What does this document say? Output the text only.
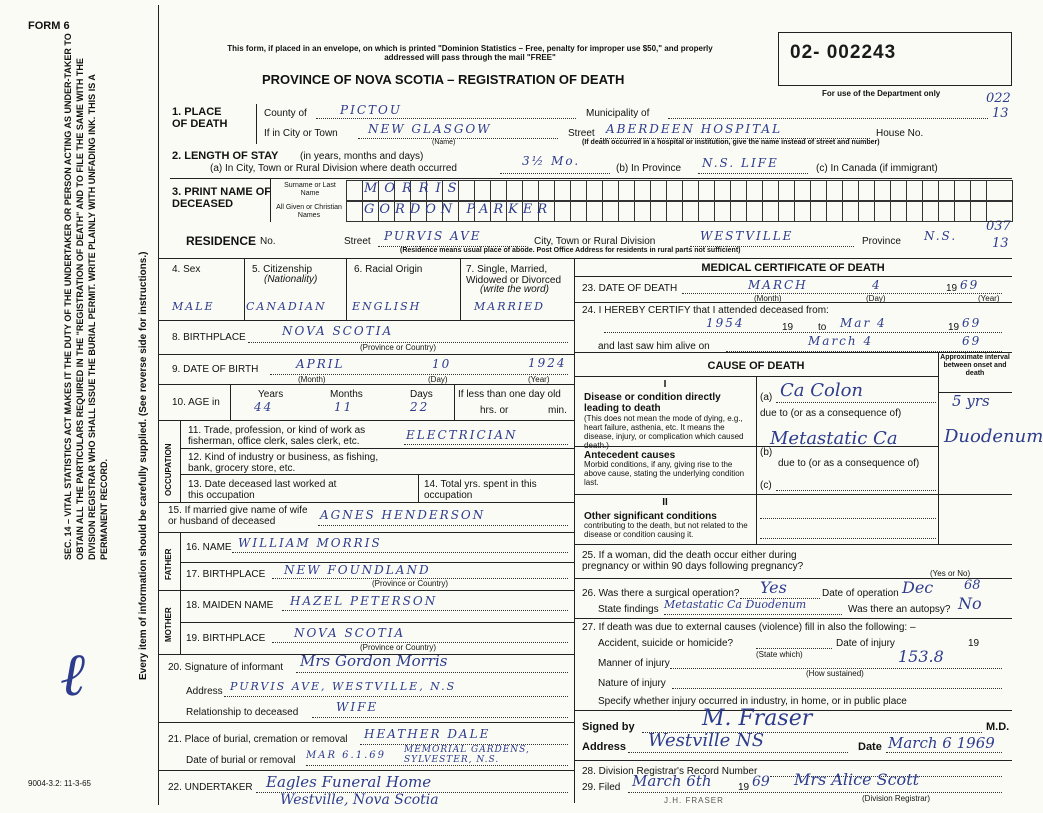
FORM 6
SEC. 14 – VITAL STATISTICS ACT MAKES IT THE DUTY OF THE UNDERTAKER OR PERSON ACTING AS UNDER-TAKER TO OBTAIN ALL THE PARTICULARS REQUIRED IN THE "REGISTRATION OF DEATH" AND TO FILE THE SAME WITH THE DIVISION REGISTRAR WHO SHALL ISSUE THE BURIAL PERMIT. WRITE PLAINLY WITH UNFADING INK. THIS IS A PERMANENT RECORD.	Every item of information should be carefully supplied. (See reverse side for instructions.)
9004-3.2: 11-3-65
ℓ
This form, if placed in an envelope, on which is printed "Dominion Statistics – Free, penalty for improper use $50," and properly addressed will pass through the mail "FREE"
PROVINCE OF NOVA SCOTIA – REGISTRATION OF DEATH
02- 002243
For use of the Department only	022
13
037
13
1. PLACE OF DEATH
County of	PICTOU	Municipality of
If in City or Town	NEW GLASGOW
(Name)
Street ABERDEEN HOSPITAL	House No.
(If death occurred in a hospital or institution, give the name instead of street and number)
2. LENGTH OF STAY (in years, months and days)
(a) In City, Town or Rural Division where death occurred
3½ Mo.
(b) In Province N.S. LIFE	(c) In Canada (if immigrant)
3. PRINT NAME OF DECEASED
Surname or Last Name
All Given or Christian Names
MORRIS
GORDON PARKER
RESIDENCE No.	Street PURVIS AVE	City, Town or Rural Division	WESTVILLE	Province N.S.
(Residence means usual place of abode. Post Office Address for residents in rural parts not sufficient)
4. Sex
MALE
5. Citizenship
(Nationality)
CANADIAN
6. Racial Origin
ENGLISH
7. Single, Married, Widowed or Divorced
(write the word)
MARRIED
8. BIRTHPLACE	NOVA SCOTIA
(Province or Country)
9. DATE OF BIRTH	APRIL	10	1924
(Month)	(Day)	(Year)
10. AGE in
Years
44
Months
11
Days
22
If less than one day old
hrs. or	min.
OCCUPATION
11. Trade, profession, or kind of work as fisherman, office clerk, sales clerk, etc.	ELECTRICIAN
12. Kind of industry or business, as fishing, bank, grocery store, etc.
13. Date deceased last worked at this occupation
14. Total yrs. spent in this occupation
15. If married give name of wife or husband of deceased	AGNES HENDERSON
FATHER
16. NAME WILLIAM MORRIS
17. BIRTHPLACE NEW FOUNDLAND
(Province or Country)
MOTHER
18. MAIDEN NAME HAZEL PETERSON
19. BIRTHPLACE NOVA SCOTIA
(Province or Country)
20. Signature of informant Mrs Gordon Morris
Address PURVIS AVE, WESTVILLE, N.S
Relationship to deceased	WIFE
21. Place of burial, cremation or removal HEATHER DALE
Date of burial or removal MAR 6.1.69 MEMORIAL GARDENS, SYLVESTER, N.S.
22. UNDERTAKER Eagles Funeral Home
Westville, Nova Scotia
MEDICAL CERTIFICATE OF DEATH
23. DATE OF DEATH	MARCH	4	19 69
(Month)	(Day)	(Year)
24. I HEREBY CERTIFY that I attended deceased from:
1954	19 to Mar 4	19 69
and last saw him alive on	March 4	69
CAUSE OF DEATH
Approximate interval between onset and death
I
Disease or condition directly leading to death
(This does not mean the mode of dying, e.g., heart failure, asthenia, etc. It means the disease, injury, or complication which caused death.)
(a) Ca Colon	5 yrs
due to (or as a consequence of)
Antecedent causes
Morbid conditions, if any, giving rise to the above cause, stating the underlying condition last.
(b)
Metastatic Ca	Duodenum
due to (or as a consequence of)
(c)
II
Other significant conditions
contributing to the death, but not related to the disease or condition causing it.
25. If a woman, did the death occur either during pregnancy or within 90 days following pregnancy?
(Yes or No)
26. Was there a surgical operation? Yes	Date of operation Dec 68
State findings Metastatic Ca Duodenum	Was there an autopsy? No
27. If death was due to external causes (violence) fill in also the following: –
Accident, suicide or homicide?	Date of injury	19
(State which)
Manner of injury	153.8
(How sustained)
Nature of injury
Specify whether injury occurred in industry, in home, or in public place
Signed by	M. Fraser	M.D.
Address Westville NS	Date March 6 1969
28. Division Registrar's Record Number
29. Filed March 6th	19 69 Mrs Alice Scott
(Division Registrar)
J.H. FRASER
